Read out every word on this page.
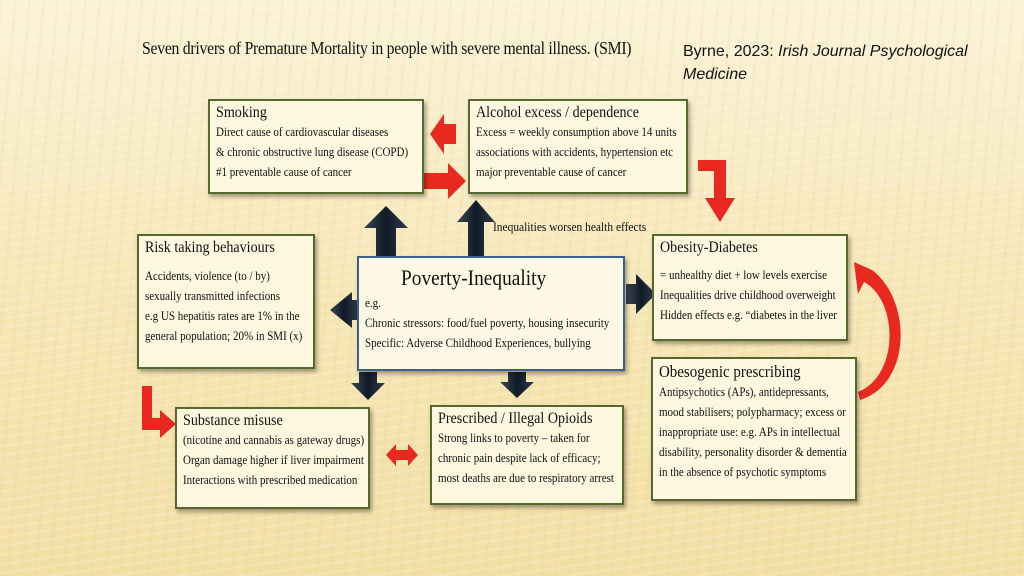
Seven drivers of Premature Mortality in people with severe mental illness. (SMI)	Byrne, 2023: Irish Journal Psychological Medicine
Smoking
Direct cause of cardiovascular diseases
& chronic obstructive lung disease (COPD)
#1 preventable cause of cancer
Alcohol excess / dependence
Excess = weekly consumption above 14 units
associations with accidents, hypertension etc
major preventable cause of cancer
Inequalities worsen health effects
Risk taking behaviours
Accidents, violence (to / by)
sexually transmitted infections
e.g US hepatitis rates are 1% in the
general population; 20% in SMI (x)
Poverty-Inequality
e.g.
Chronic stressors: food/fuel poverty, housing insecurity
Specific: Adverse Childhood Experiences, bullying
Obesity-Diabetes
= unhealthy diet + low levels exercise
Inequalities drive childhood overweight
Hidden effects e.g. “diabetes in the liver
Obesogenic prescribing
Antipsychotics (APs), antidepressants,
mood stabilisers; polypharmacy; excess or
inappropriate use: e.g. APs in intellectual
disability, personality disorder & dementia
in the absence of psychotic symptoms
Substance misuse
(nicotine and cannabis as gateway drugs)
Organ damage higher if liver impairment
Interactions with prescribed medication
Prescribed / Illegal Opioids
Strong links to poverty – taken for
chronic pain despite lack of efficacy;
most deaths are due to respiratory arrest
